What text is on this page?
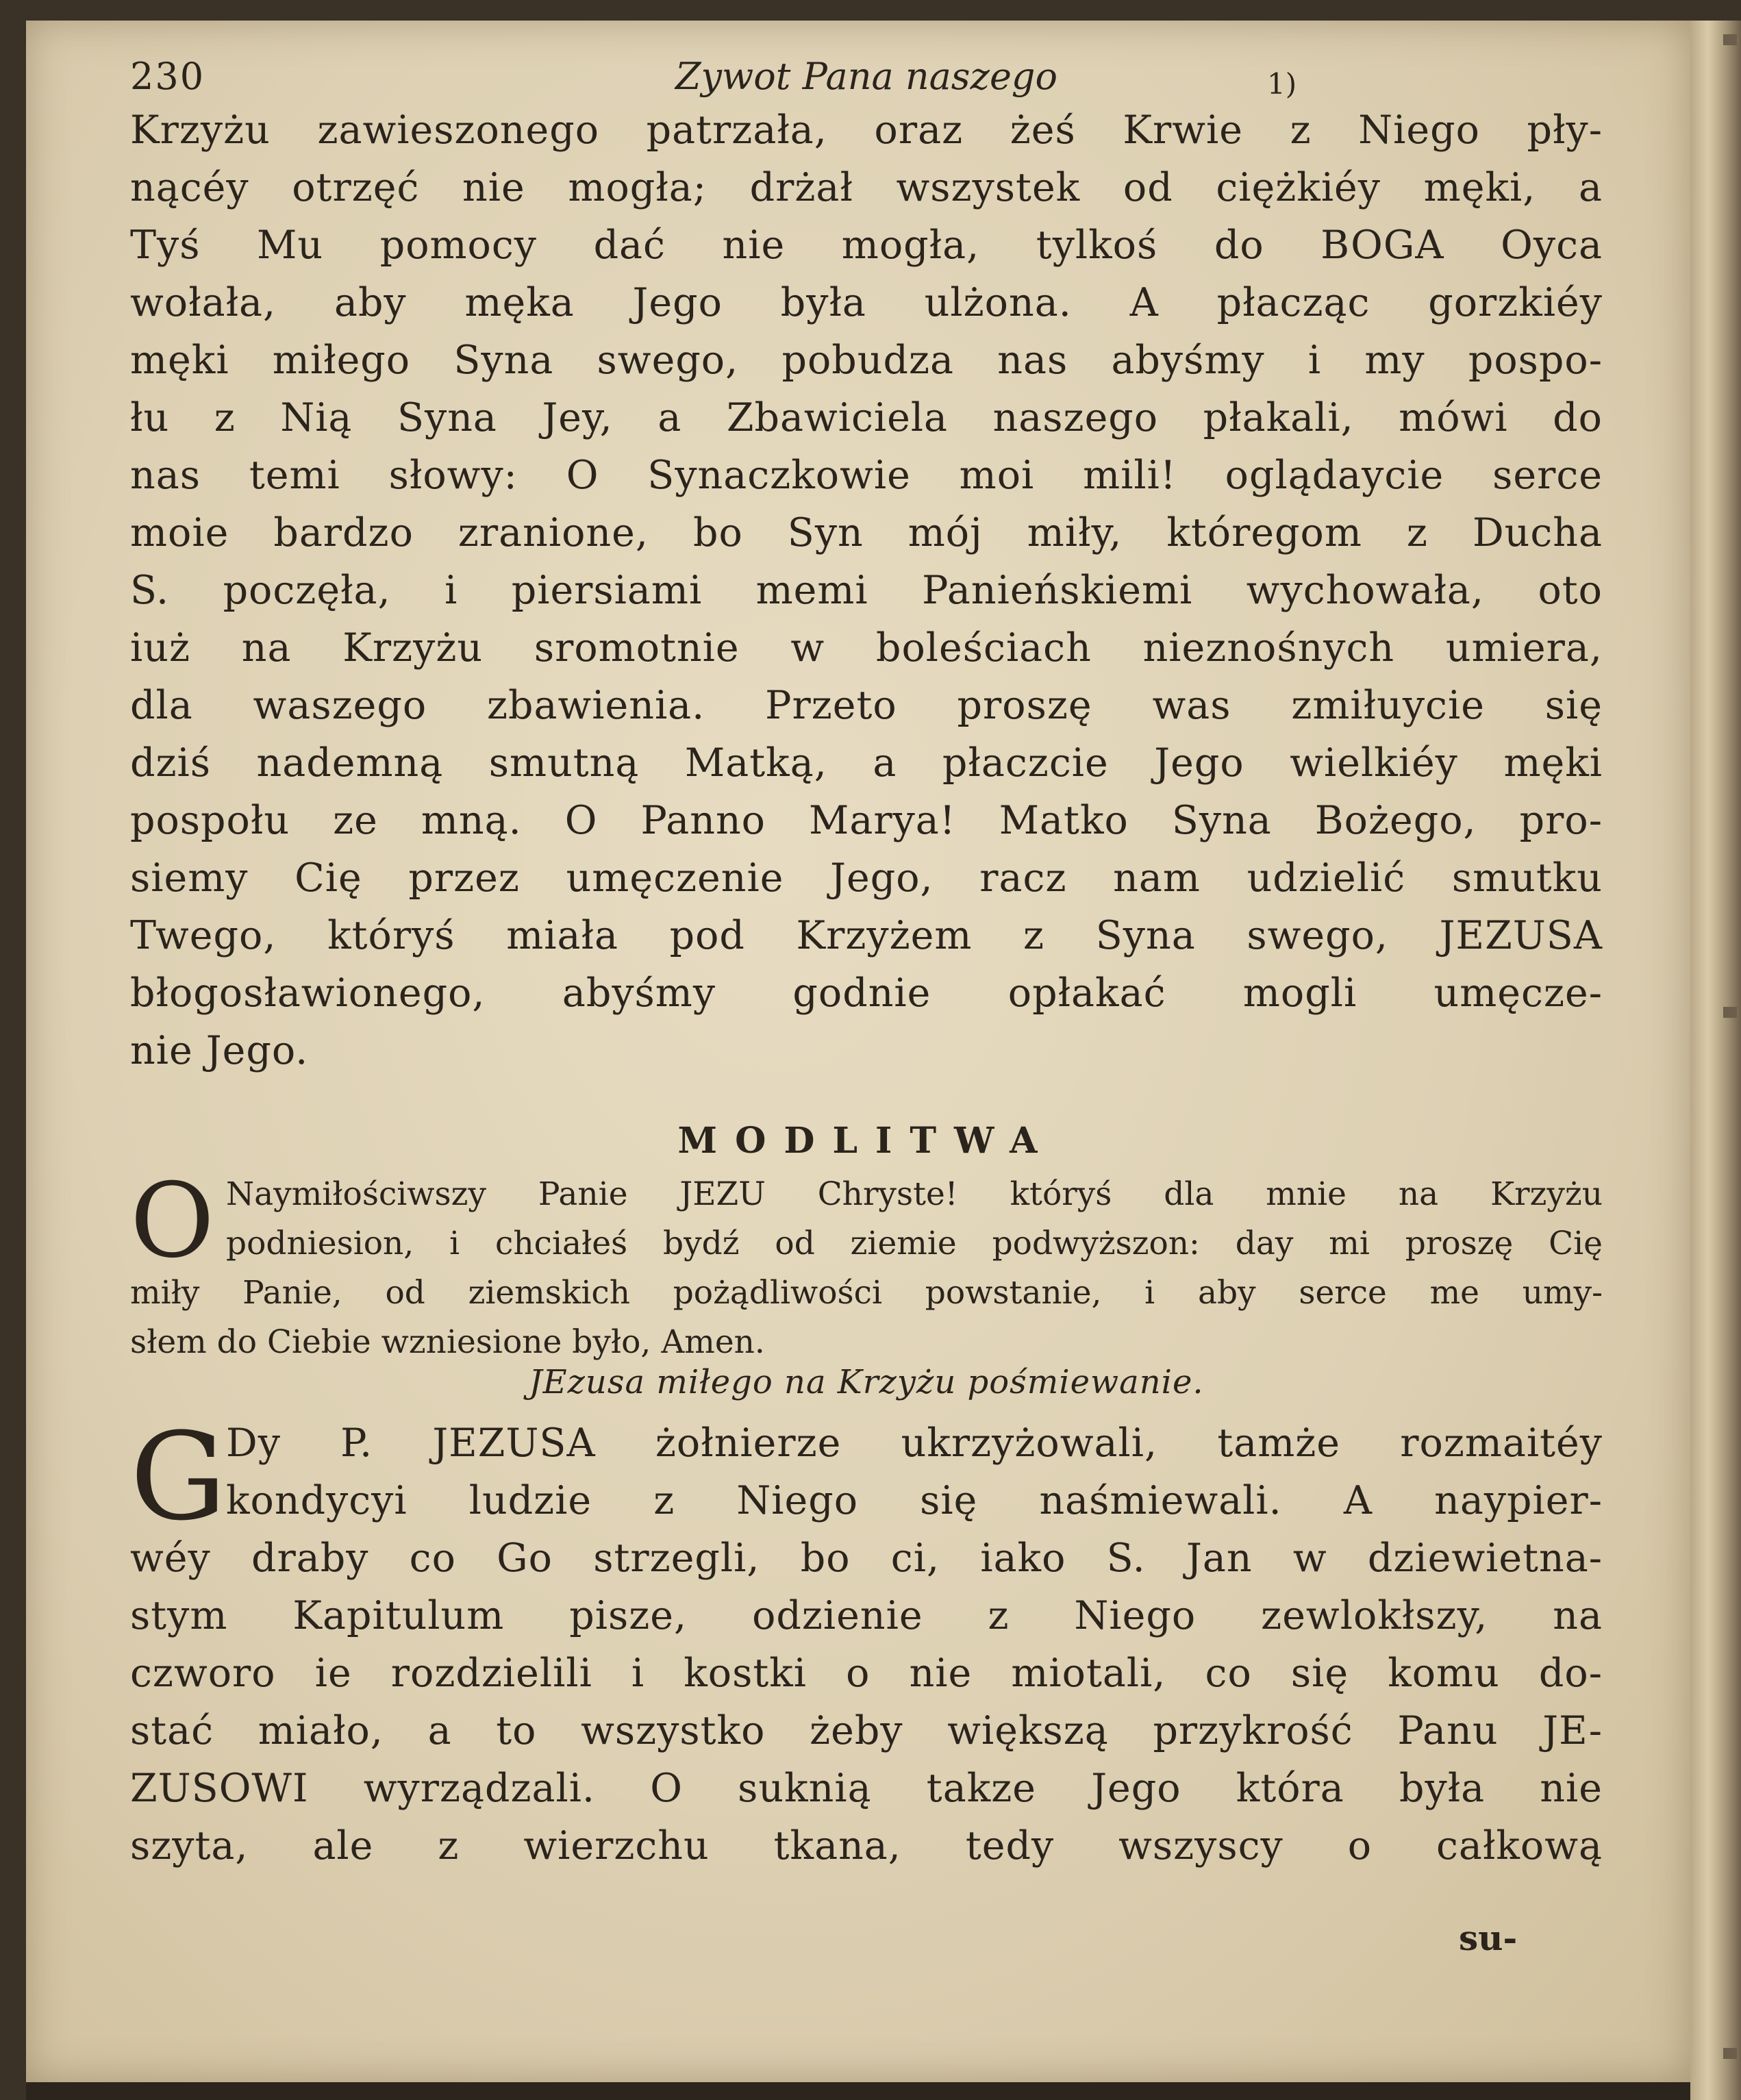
230	Zywot Pana naszego	1)
Krzyżu zawieszonego patrzała, oraz żeś Krwie z Niego pły-
nącéy otrzęć nie mogła; drżał wszystek od ciężkiéy męki, a
Tyś Mu pomocy dać nie mogła, tylkoś do BOGA Oyca
wołała, aby męka Jego była ulżona. A płacząc gorzkiéy
męki miłego Syna swego, pobudza nas abyśmy i my pospo-
łu z Nią Syna Jey, a Zbawiciela naszego płakali, mówi do
nas temi słowy: O Synaczkowie moi mili! oglądaycie serce
moie bardzo zranione, bo Syn mój miły, któregom z Ducha
S. poczęła, i piersiami memi Panieńskiemi wychowała, oto
iuż na Krzyżu sromotnie w boleściach nieznośnych umiera,
dla waszego zbawienia. Przeto proszę was zmiłuycie się
dziś nademną smutną Matką, a płaczcie Jego wielkiéy męki
pospołu ze mną. O Panno Marya! Matko Syna Bożego, pro-
siemy Cię przez umęczenie Jego, racz nam udzielić smutku
Twego, któryś miała pod Krzyżem z Syna swego, JEZUSA
błogosławionego, abyśmy godnie opłakać mogli umęcze-
nie Jego.
MODLITWA
O Naymiłościwszy Panie JEZU Chryste! któryś dla mnie na Krzyżu
podniesion, i chciałeś bydź od ziemie podwyższon: day mi proszę Cię
miły Panie, od ziemskich pożądliwości powstanie, i aby serce me umy-
słem do Ciebie wzniesione było, Amen.
JEzusa miłego na Krzyżu pośmiewanie.
G
Dy P. JEZUSA żołnierze ukrzyżowali, tamże rozmaitéy
kondycyi ludzie z Niego się naśmiewali. A naypier-
wéy draby co Go strzegli, bo ci, iako S. Jan w dziewietna-
stym Kapitulum pisze, odzienie z Niego zewlokłszy, na
czworo ie rozdzielili i kostki o nie miotali, co się komu do-
stać miało, a to wszystko żeby większą przykrość Panu JE-
ZUSOWI wyrządzali. O suknią takze Jego która była nie
szyta, ale z wierzchu tkana, tedy wszyscy o całkową
su-
